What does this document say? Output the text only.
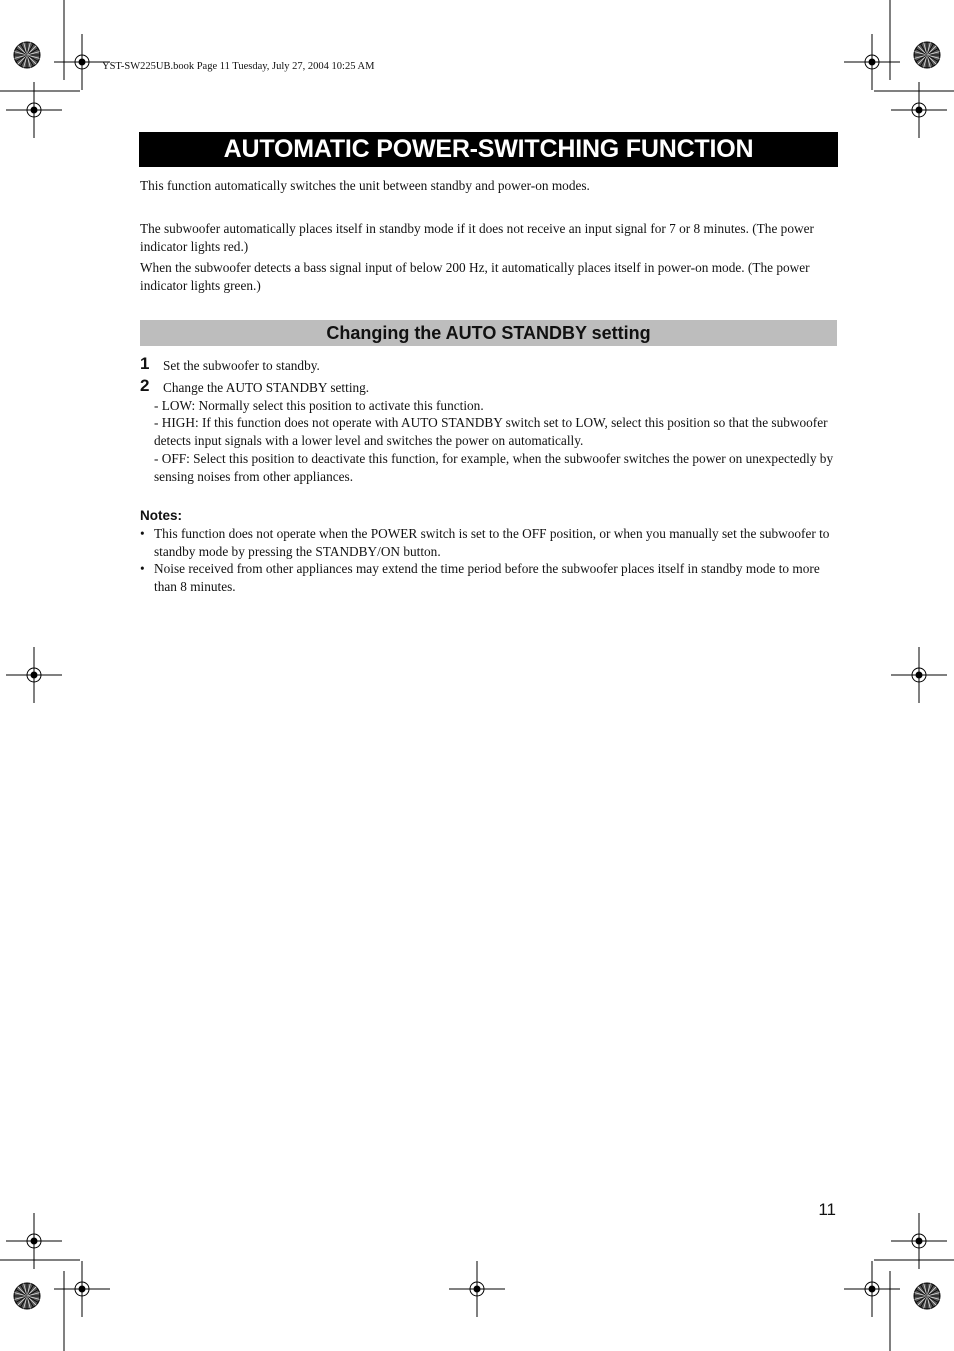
YST-SW225UB.book Page 11 Tuesday, July 27, 2004 10:25 AM
AUTOMATIC POWER-SWITCHING FUNCTION
This function automatically switches the unit between standby and power-on modes.
The subwoofer automatically places itself in standby mode if it does not receive an input signal for 7 or 8 minutes. (The power indicator lights red.)
When the subwoofer detects a bass signal input of below 200 Hz, it automatically places itself in power-on mode. (The power indicator lights green.)
Changing the AUTO STANDBY setting
1 Set the subwoofer to standby.
2 Change the AUTO STANDBY setting.
- LOW: Normally select this position to activate this function.
- HIGH: If this function does not operate with AUTO STANDBY switch set to LOW, select this position so that the subwoofer detects input signals with a lower level and switches the power on automatically.
- OFF: Select this position to deactivate this function, for example, when the subwoofer switches the power on unexpectedly by sensing noises from other appliances.
Notes:
• This function does not operate when the POWER switch is set to the OFF position, or when you manually set the subwoofer to standby mode by pressing the STANDBY/ON button.
• Noise received from other appliances may extend the time period before the subwoofer places itself in standby mode to more than 8 minutes.
11
